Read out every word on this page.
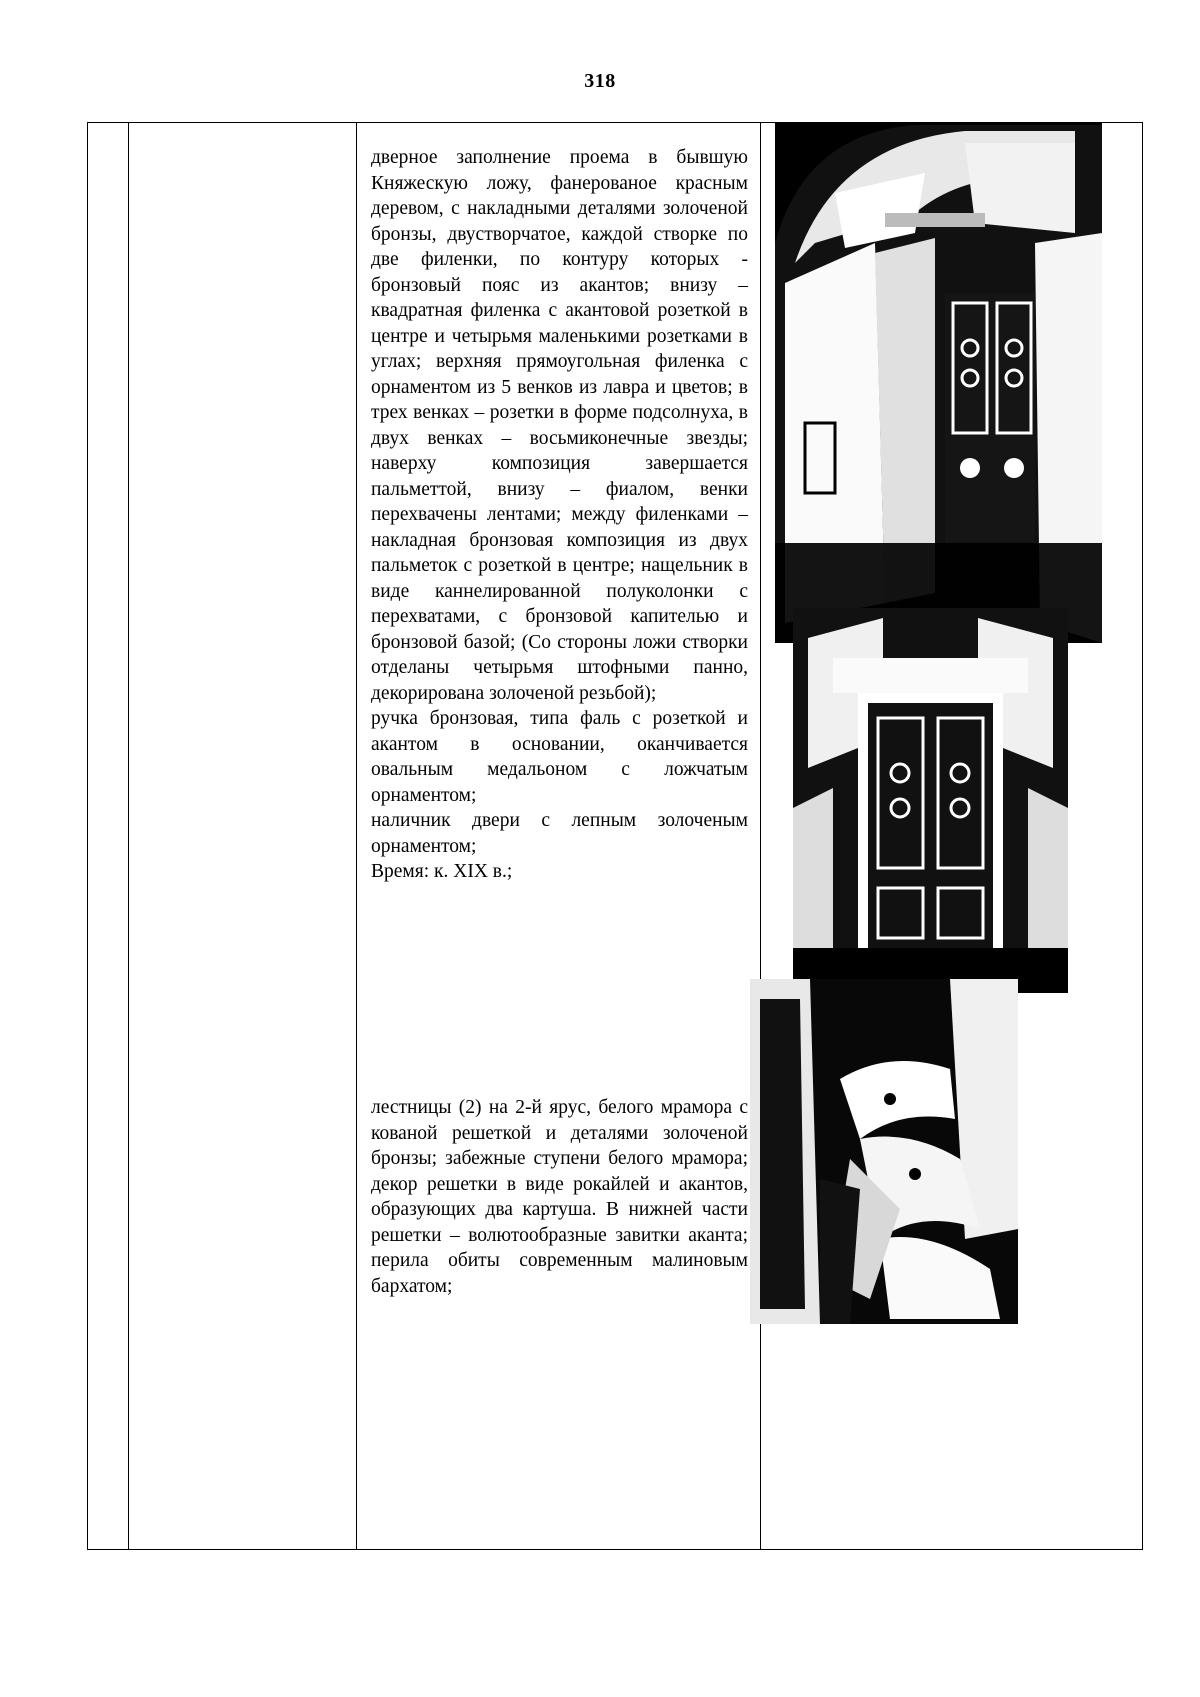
318

дверное заполнение проема в бывшую Княжескую ложу, фанерованое красным деревом, с накладными деталями золоченой бронзы, двустворчатое, каждой створке по две филенки, по контуру которых - бронзовый пояс из акантов; внизу – квадратная филенка с акантовой розеткой в центре и четырьмя маленькими розетками в углах; верхняя прямоугольная филенка с орнаментом из 5 венков из лавра и цветов; в трех венках – розетки в форме подсолнуха, в двух венках – восьмиконечные звезды; наверху композиция завершается пальметтой, внизу – фиалом, венки перехвачены лентами; между филенками – накладная бронзовая композиция из двух пальметок с розеткой в центре; нащельник в виде каннелированной полуколонки с перехватами, с бронзовой капителью и бронзовой базой; (Со стороны ложи створки отделаны четырьмя штофными панно, декорирована золоченой резьбой);

ручка бронзовая, типа фаль с розеткой и акантом в основании, оканчивается овальным медальоном с ложчатым орнаментом;

наличник двери с лепным золоченым орнаментом;

Время: к. XIX в.;

лестницы (2) на 2-й ярус, белого мрамора с кованой решеткой и деталями золоченой бронзы; забежные ступени белого мрамора; декор решетки в виде рокайлей и акантов, образующих два картуша. В нижней части решетки – волютообразные завитки аканта; перила обиты современным малиновым бархатом;
